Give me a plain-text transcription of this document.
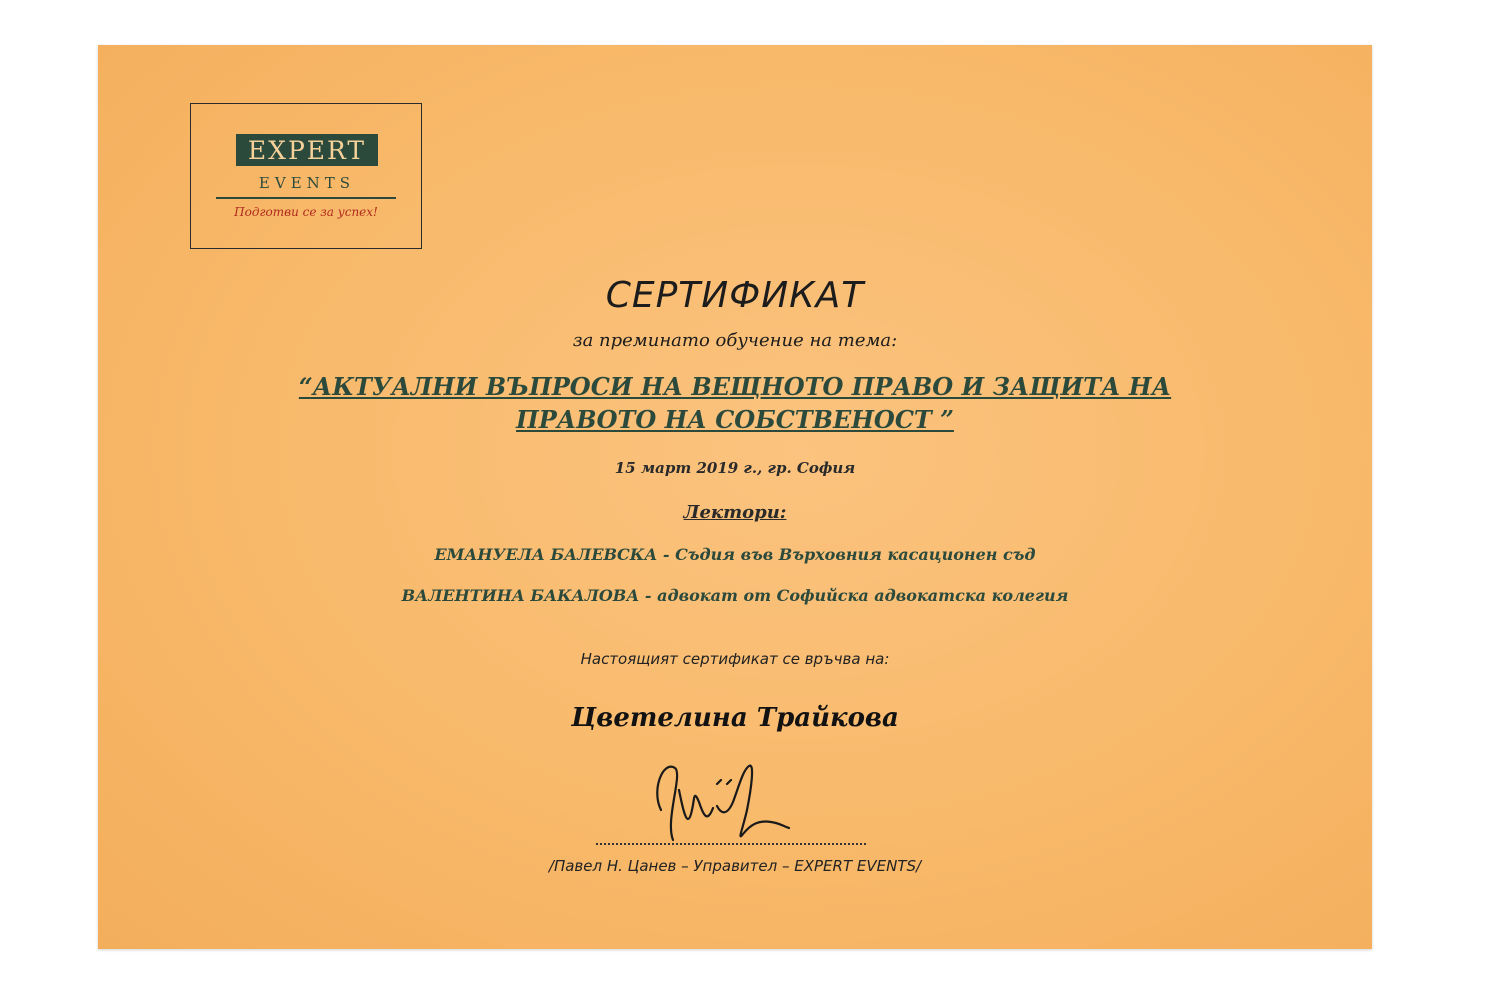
EXPERT
EVENTS
Подготви се за успех!
СЕРТИФИКАТ
за преминато обучение на тема:
“АКТУАЛНИ ВЪПРОСИ НА ВЕЩНОТО ПРАВО И ЗАЩИТА НА
ПРАВОТО НА СОБСТВЕНОСТ ”
15 март 2019 г., гр. София
Лектори:
ЕМАНУЕЛА БАЛЕВСКА - Съдия във Върховния касационен съд
ВАЛЕНТИНА БАКАЛОВА - адвокат от Софийска адвокатска колегия
Настоящият сертификат се връчва на:
Цветелина Трайкова
/Павел Н. Цанев – Управител – EXPERT EVENTS/
